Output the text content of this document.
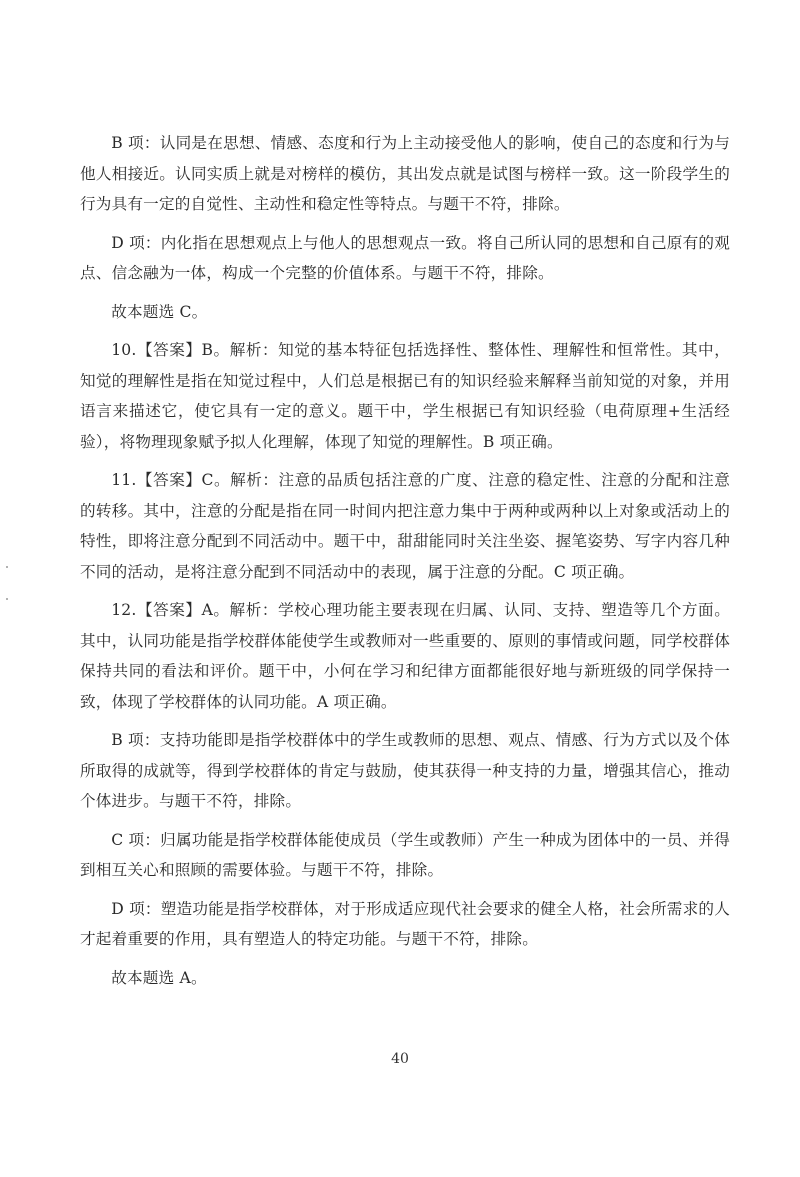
B 项：认同是在思想、情感、态度和行为上主动接受他人的影响，使自己的态度和行为与他人相接近。认同实质上就是对榜样的模仿，其出发点就是试图与榜样一致。这一阶段学生的行为具有一定的自觉性、主动性和稳定性等特点。与题干不符，排除。

D 项：内化指在思想观点上与他人的思想观点一致。将自己所认同的思想和自己原有的观点、信念融为一体，构成一个完整的价值体系。与题干不符，排除。

故本题选 C。

10.【答案】B。解析：知觉的基本特征包括选择性、整体性、理解性和恒常性。其中，知觉的理解性是指在知觉过程中，人们总是根据已有的知识经验来解释当前知觉的对象，并用语言来描述它，使它具有一定的意义。题干中，学生根据已有知识经验（电荷原理+生活经验），将物理现象赋予拟人化理解，体现了知觉的理解性。B 项正确。

11.【答案】C。解析：注意的品质包括注意的广度、注意的稳定性、注意的分配和注意的转移。其中，注意的分配是指在同一时间内把注意力集中于两种或两种以上对象或活动上的特性，即将注意分配到不同活动中。题干中，甜甜能同时关注坐姿、握笔姿势、写字内容几种不同的活动，是将注意分配到不同活动中的表现，属于注意的分配。C 项正确。

12.【答案】A。解析：学校心理功能主要表现在归属、认同、支持、塑造等几个方面。其中，认同功能是指学校群体能使学生或教师对一些重要的、原则的事情或问题，同学校群体保持共同的看法和评价。题干中，小何在学习和纪律方面都能很好地与新班级的同学保持一致，体现了学校群体的认同功能。A 项正确。

B 项：支持功能即是指学校群体中的学生或教师的思想、观点、情感、行为方式以及个体所取得的成就等，得到学校群体的肯定与鼓励，使其获得一种支持的力量，增强其信心，推动个体进步。与题干不符，排除。

C 项：归属功能是指学校群体能使成员（学生或教师）产生一种成为团体中的一员、并得到相互关心和照顾的需要体验。与题干不符，排除。

D 项：塑造功能是指学校群体，对于形成适应现代社会要求的健全人格，社会所需求的人才起着重要的作用，具有塑造人的特定功能。与题干不符，排除。

故本题选 A。

40
